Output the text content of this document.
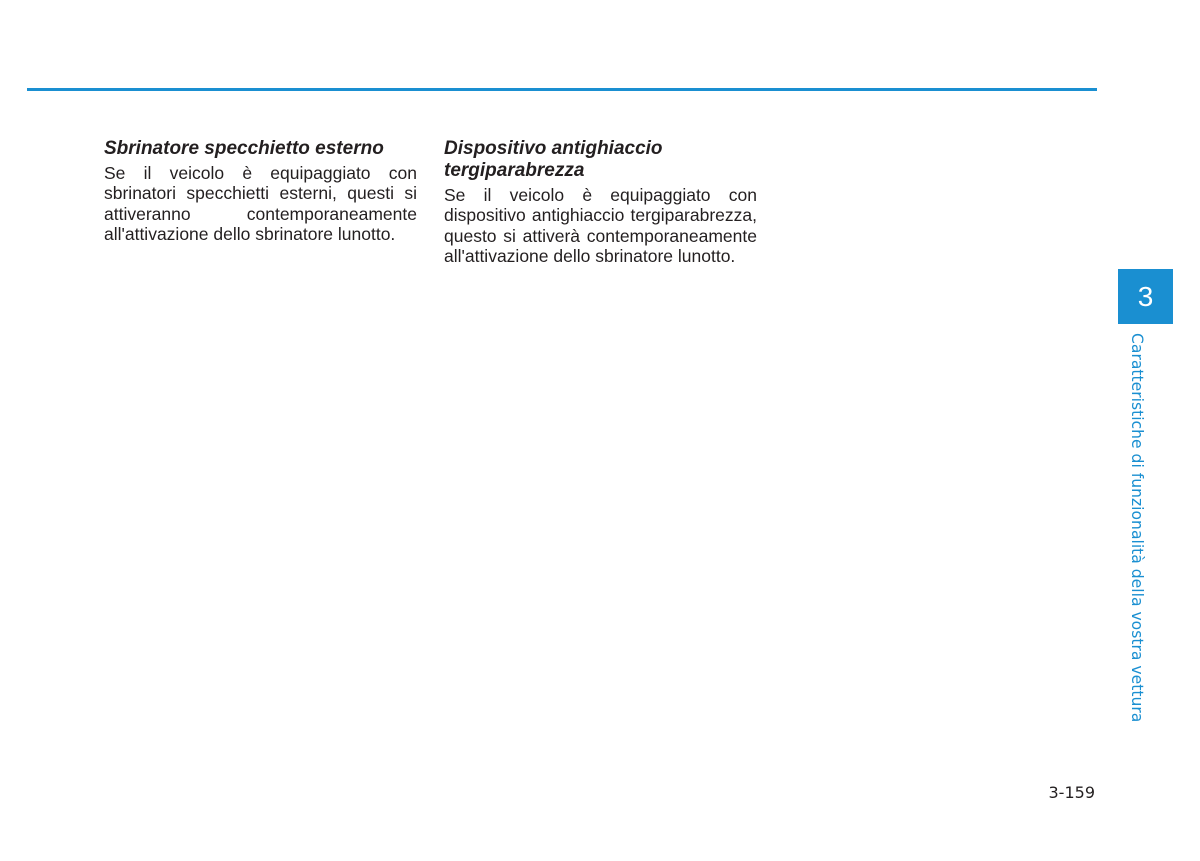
Sbrinatore specchietto esterno

Se il veicolo è equipaggiato con sbrinatori specchietti esterni, questi si attiveranno contemporaneamente all'attivazione dello sbrinatore lunotto.

Dispositivo antighiaccio
tergiparabrezza

Se il veicolo è equipaggiato con dispositivo antighiaccio tergiparabrezza, questo si attiverà contemporaneamente all'attivazione dello sbrinatore lunotto.

3
Caratteristiche di funzionalità della vostra vettura
3-159
